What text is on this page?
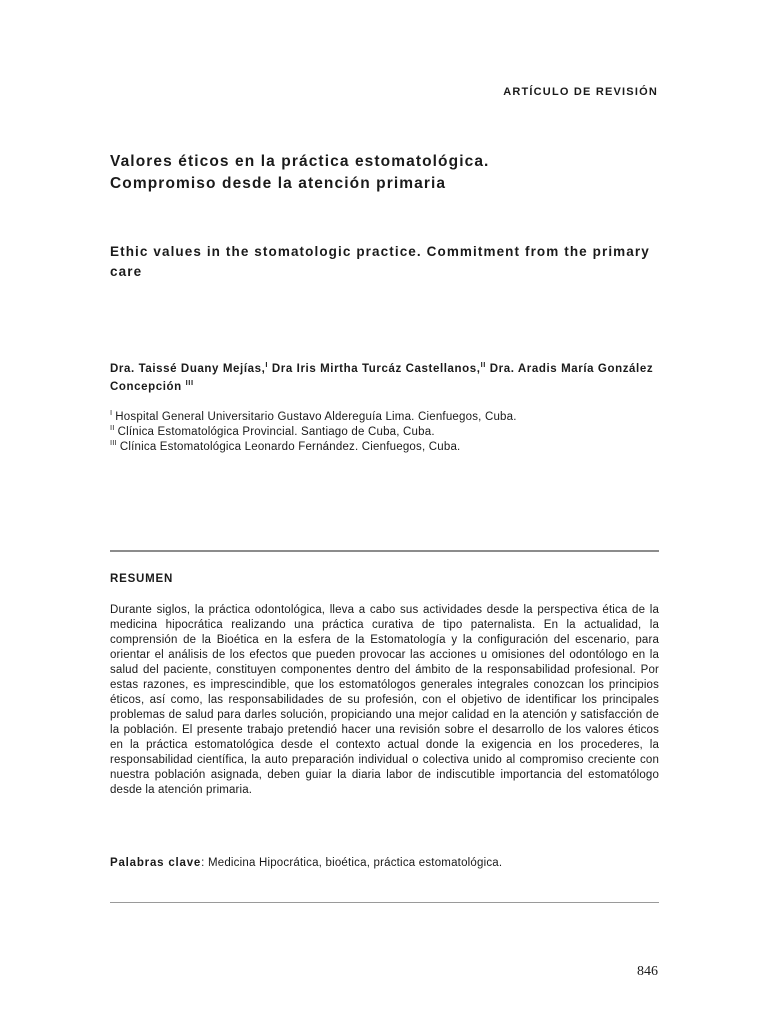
ARTÍCULO DE REVISIÓN
Valores éticos en la práctica estomatológica.
Compromiso desde la atención primaria
Ethic values in the stomatologic practice. Commitment from the primary care
Dra. Taissé Duany Mejías,$^I$ Dra Iris Mirtha Turcáz Castellanos,$^{II}$ Dra. Aradis María González Concepción $^{III}$
$^I$ Hospital General Universitario Gustavo Aldereguía Lima. Cienfuegos, Cuba.
$^{II}$ Clínica Estomatológica Provincial. Santiago de Cuba, Cuba.
$^{III}$ Clínica Estomatológica Leonardo Fernández. Cienfuegos, Cuba.
RESUMEN

Durante siglos, la práctica odontológica, lleva a cabo sus actividades desde la perspectiva ética de la medicina hipocrática realizando una práctica curativa de tipo paternalista. En la actualidad, la comprensión de la Bioética en la esfera de la Estomatología y la configuración del escenario, para orientar el análisis de los efectos que pueden provocar las acciones u omisiones del odontólogo en la salud del paciente, constituyen componentes dentro del ámbito de la responsabilidad profesional. Por estas razones, es imprescindible, que los estomatólogos generales integrales conozcan los principios éticos, así como, las responsabilidades de su profesión, con el objetivo de identificar los principales problemas de salud para darles solución, propiciando una mejor calidad en la atención y satisfacción de la población. El presente trabajo pretendió hacer una revisión sobre el desarrollo de los valores éticos en la práctica estomatológica desde el contexto actual donde la exigencia en los procederes, la responsabilidad científica, la auto preparación individual o colectiva unido al compromiso creciente con nuestra población asignada, deben guiar la diaria labor de indiscutible importancia del estomatólogo desde la atención primaria.

Palabras clave: Medicina Hipocrática, bioética, práctica estomatológica.
846
